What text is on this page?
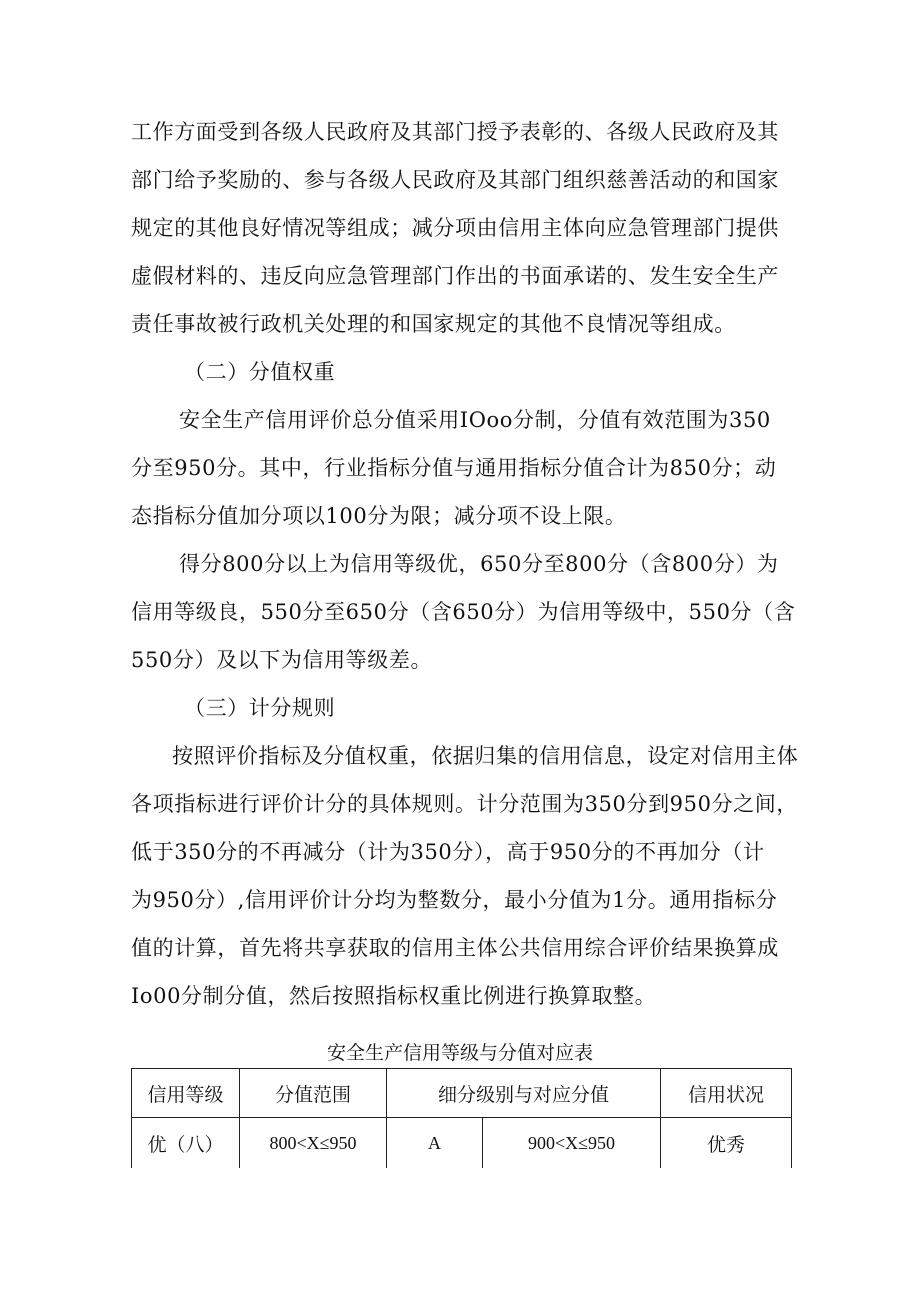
工作方面受到各级人民政府及其部门授予表彰的、各级人民政府及其
部门给予奖励的、参与各级人民政府及其部门组织慈善活动的和国家
规定的其他良好情况等组成；减分项由信用主体向应急管理部门提供
虚假材料的、违反向应急管理部门作出的书面承诺的、发生安全生产
责任事故被行政机关处理的和国家规定的其他不良情况等组成。
（二）分值权重
安全生产信用评价总分值采用IOoo分制，分值有效范围为350
分至950分。其中，行业指标分值与通用指标分值合计为850分；动
态指标分值加分项以100分为限；减分项不设上限。
得分800分以上为信用等级优，650分至800分（含800分）为
信用等级良，550分至650分（含650分）为信用等级中，550分（含
550分）及以下为信用等级差。
（三）计分规则
按照评价指标及分值权重，依据归集的信用信息，设定对信用主体
各项指标进行评价计分的具体规则。计分范围为350分到950分之间，
低于350分的不再减分（计为350分），高于950分的不再加分（计
为950分）,信用评价计分均为整数分，最小分值为1分。通用指标分
值的计算，首先将共享获取的信用主体公共信用综合评价结果换算成
Io00分制分值，然后按照指标权重比例进行换算取整。
安全生产信用等级与分值对应表
信用等级	分值范围	细分级别与对应分值		信用状况
优（八）	800<X≤950	A	900<X≤950	优秀
